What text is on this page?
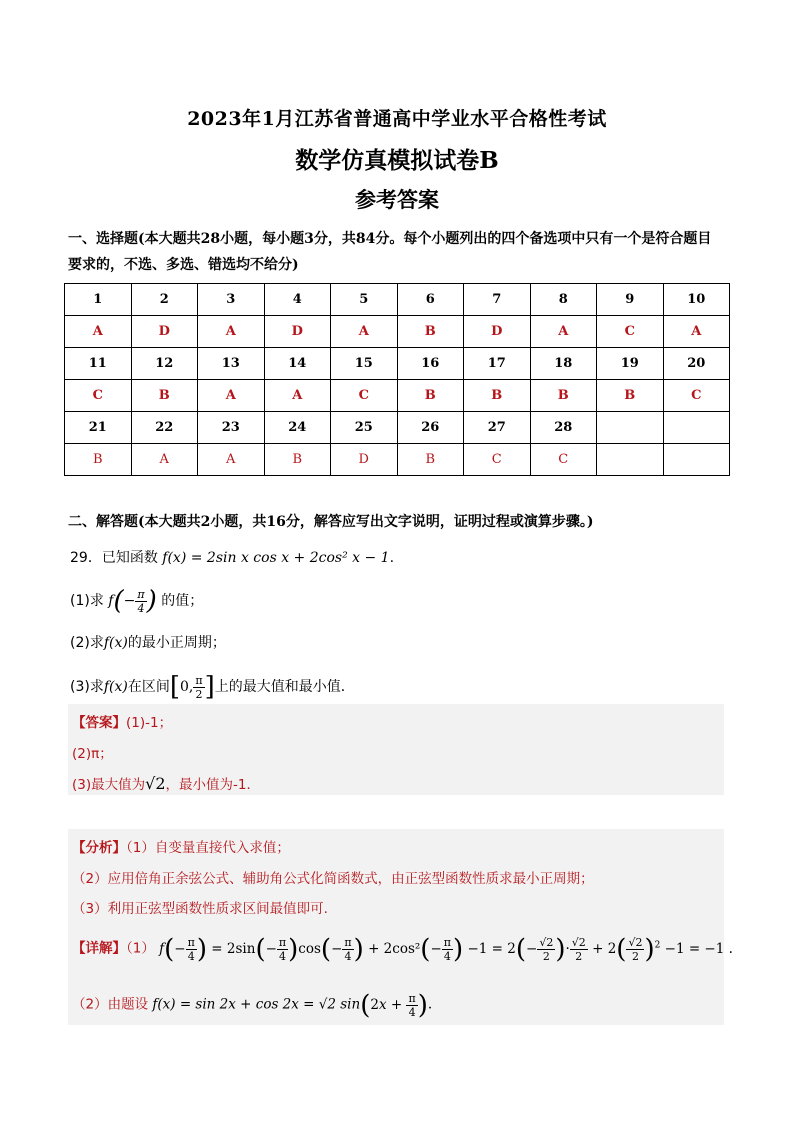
2023年1月江苏省普通高中学业水平合格性考试
数学仿真模拟试卷B
参考答案
一、选择题(本大题共28小题，每小题3分，共84分。每个小题列出的四个备选项中只有一个是符合题目
要求的，不选、多选、错选均不给分)
1	2	3	4	5	6	7	8	9	10
A	D	A	D	A	B	D	A	C	A
11	12	13	14	15	16	17	18	19	20
C	B	A	A	C	B	B	B	B	C
21	22	23	24	25	26	27	28		
B	A	A	B	D	B	C	C		
二、解答题(本大题共2小题，共16分，解答应写出文字说明，证明过程或演算步骤。)
29．已知函数 f(x) = 2sin x cos x + 2cos² x − 1.
(1)求 $f(- \frac{\pi}{4}$ ) 的值；
(2)求f(x)的最小正周期；
(3)求f(x)在区间[0, $\frac{\pi}{2}$ ]上的最大值和最小值．
【答案】(1)-1；
(2)π；
(3)最大值为√2，最小值为-1．
【分析】（1）自变量直接代入求值；
（2）应用倍角正余弦公式、辅助角公式化简函数式，由正弦型函数性质求最小正周期；
（3）利用正弦型函数性质求区间最值即可.
【详解】（1） $f(- \frac{\pi}{4}$ ) = $2\sin(- \frac{\pi}{4} )\cos(- \frac{\pi}{4}$ ) + $2\cos^2(- \frac{\pi}{4}$ ) $-1 = 2(- \frac{√2}{2}$ )· $\frac{√2}{2} + 2( \frac{√2}{2} )^2 -1 = -1$ .
（2）由题设 f(x) = sin 2x + cos 2x = √2 $\sin(2x + \frac{\pi}{4}$ ).
